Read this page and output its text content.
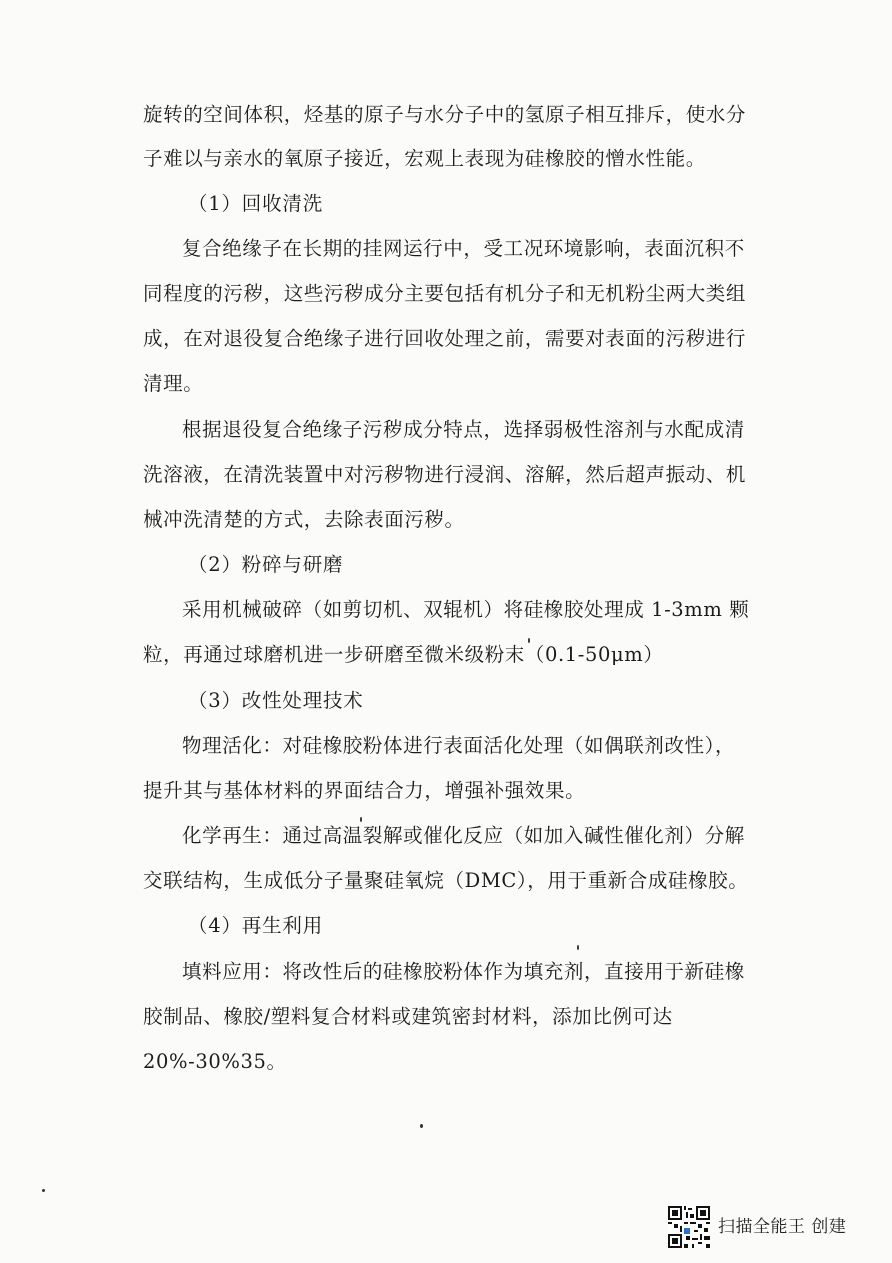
旋转的空间体积，烃基的原子与水分子中的氢原子相互排斥，使水分
子难以与亲水的氧原子接近，宏观上表现为硅橡胶的憎水性能。
（1）回收清洗
复合绝缘子在长期的挂网运行中，受工况环境影响，表面沉积不
同程度的污秽，这些污秽成分主要包括有机分子和无机粉尘两大类组
成，在对退役复合绝缘子进行回收处理之前，需要对表面的污秽进行
清理。
根据退役复合绝缘子污秽成分特点，选择弱极性溶剂与水配成清
洗溶液，在清洗装置中对污秽物进行浸润、溶解，然后超声振动、机
械冲洗清楚的方式，去除表面污秽。
（2）粉碎与研磨
采用机械破碎（如剪切机、双辊机）将硅橡胶处理成 1-3mm 颗
粒，再通过球磨机进一步研磨至微米级粉末（0.1-50μm）
（3）改性处理技术
物理活化：对硅橡胶粉体进行表面活化处理（如偶联剂改性），
提升其与基体材料的界面结合力，增强补强效果。
化学再生：通过高温裂解或催化反应（如加入碱性催化剂）分解
交联结构，生成低分子量聚硅氧烷（DMC），用于重新合成硅橡胶。
（4）再生利用
填料应用：将改性后的硅橡胶粉体作为填充剂，直接用于新硅橡
胶制品、橡胶/塑料复合材料或建筑密封材料，添加比例可达
20%-30%35。
扫描全能王 创建
